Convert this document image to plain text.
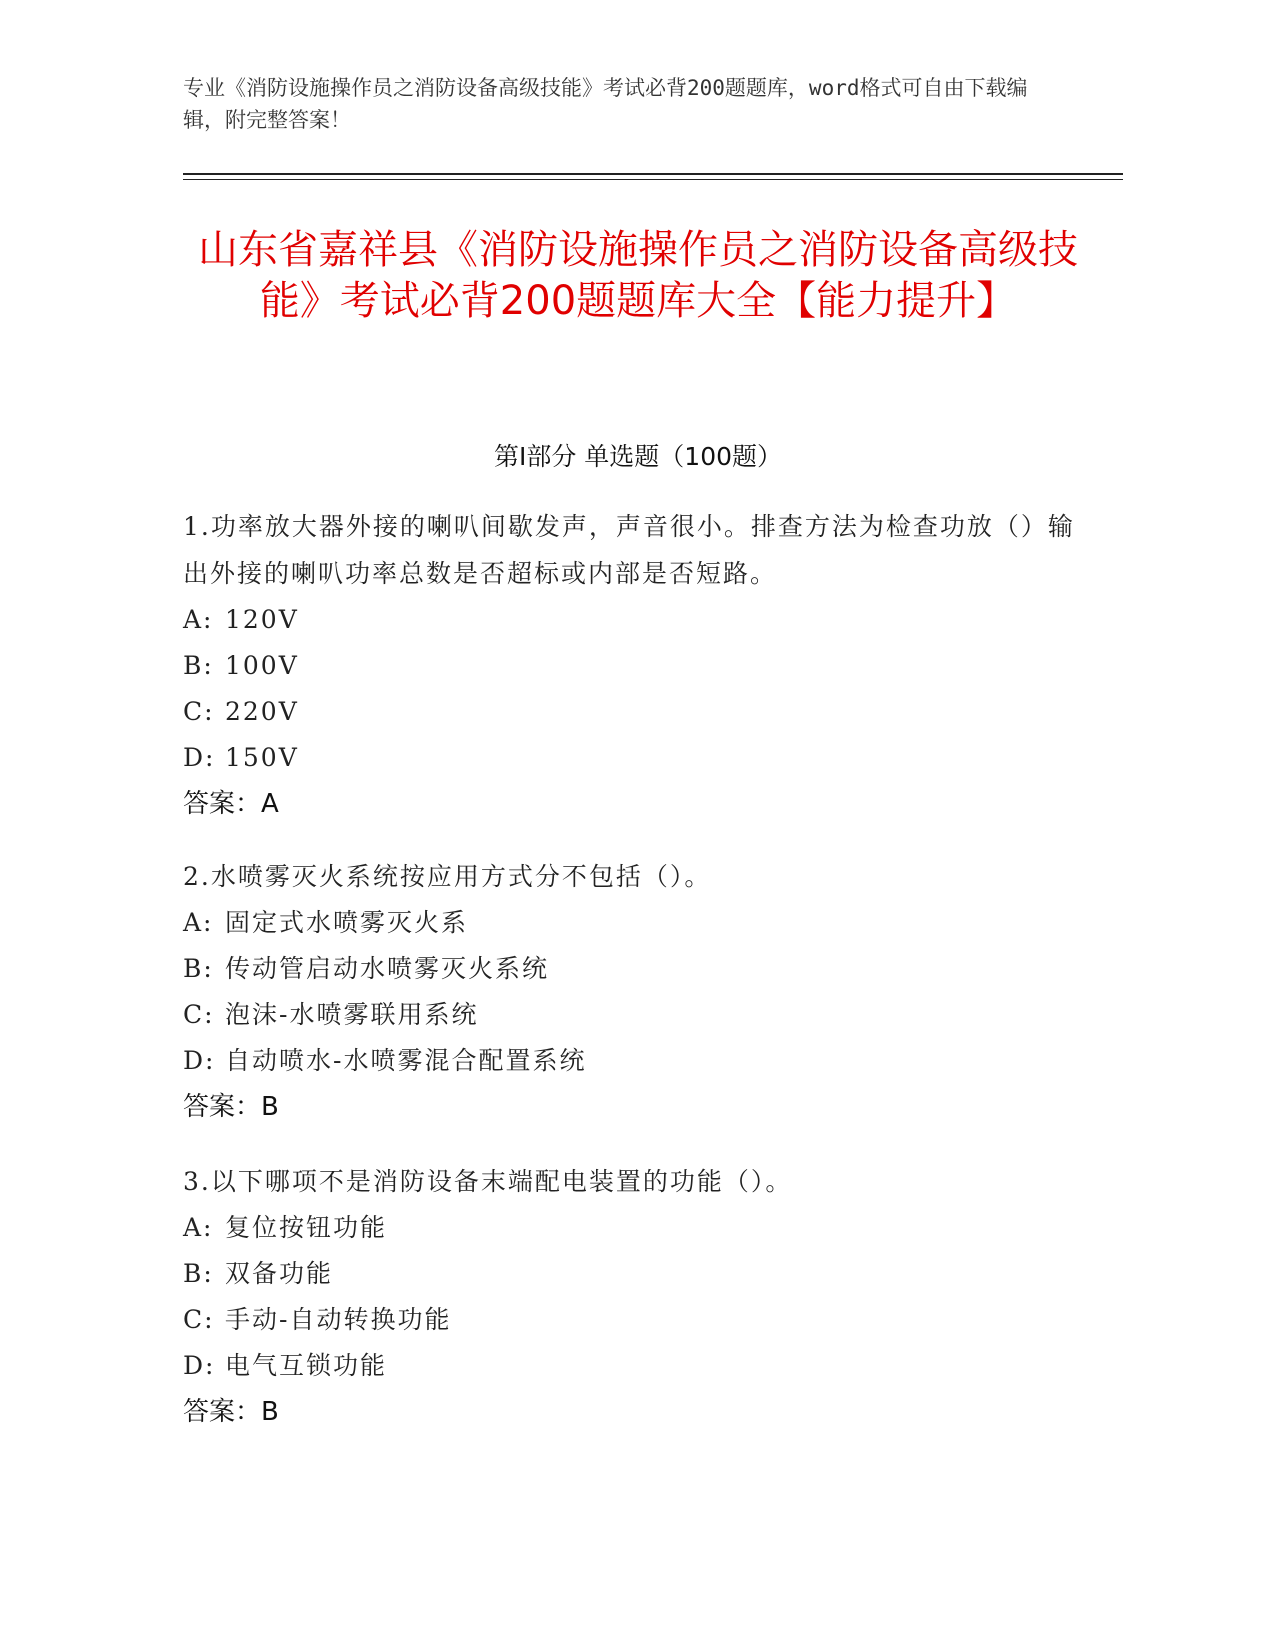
专业《消防设施操作员之消防设备高级技能》考试必背200题题库，word格式可自由下载编辑，附完整答案！

山东省嘉祥县《消防设施操作员之消防设备高级技能》考试必背200题题库大全【能力提升】
第I部分 单选题（100题）

1.功率放大器外接的喇叭间歇发声，声音很小。排查方法为检查功放（）输出外接的喇叭功率总数是否超标或内部是否短路。

A: 120V

B: 100V

C: 220V

D: 150V

答案：A

2.水喷雾灭火系统按应用方式分不包括（）。

A: 固定式水喷雾灭火系

B: 传动管启动水喷雾灭火系统

C: 泡沫-水喷雾联用系统

D: 自动喷水-水喷雾混合配置系统

答案：B

3.以下哪项不是消防设备末端配电装置的功能（）。

A: 复位按钮功能

B: 双备功能

C: 手动-自动转换功能

D: 电气互锁功能

答案：B
